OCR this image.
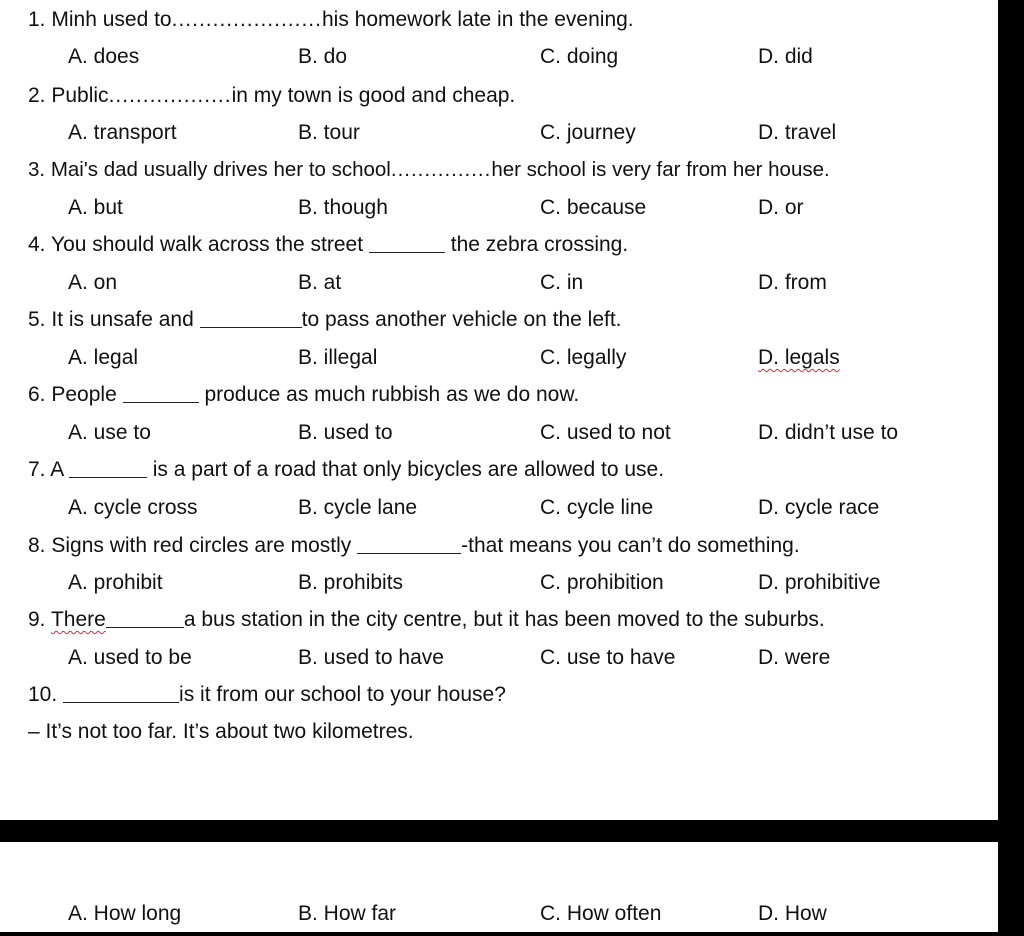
1. Minh used to......................his homework late in the evening.
A. does	B. do	C. doing	D. did
2. Public..................in my town is good and cheap.
A. transport	B. tour	C. journey	D. travel
3. Mai's dad usually drives her to school...............her school is very far from her house.
A. but	B. though	C. because	D. or
4. You should walk across the street	the zebra crossing.
A. on	B. at	C. in	D. from
5. It is unsafe and	to pass another vehicle on the left.
A. legal	B. illegal	C. legally	D. legals
6. People	produce as much rubbish as we do now.
A. use to	B. used to	C. used to not	D. didn’t use to
7. A	is a part of a road that only bicycles are allowed to use.
A. cycle cross	B. cycle lane	C. cycle line	D. cycle race
8. Signs with red circles are mostly	-that means you can’t do something.
A. prohibit	B. prohibits	C. prohibition	D. prohibitive
9. There	a bus station in the city centre, but it has been moved to the suburbs.
A. used to be	B. used to have	C. use to have	D. were
10.	is it from our school to your house?
– It’s not too far. It’s about two kilometres.
A. How long	B. How far	C. How often	D. How
